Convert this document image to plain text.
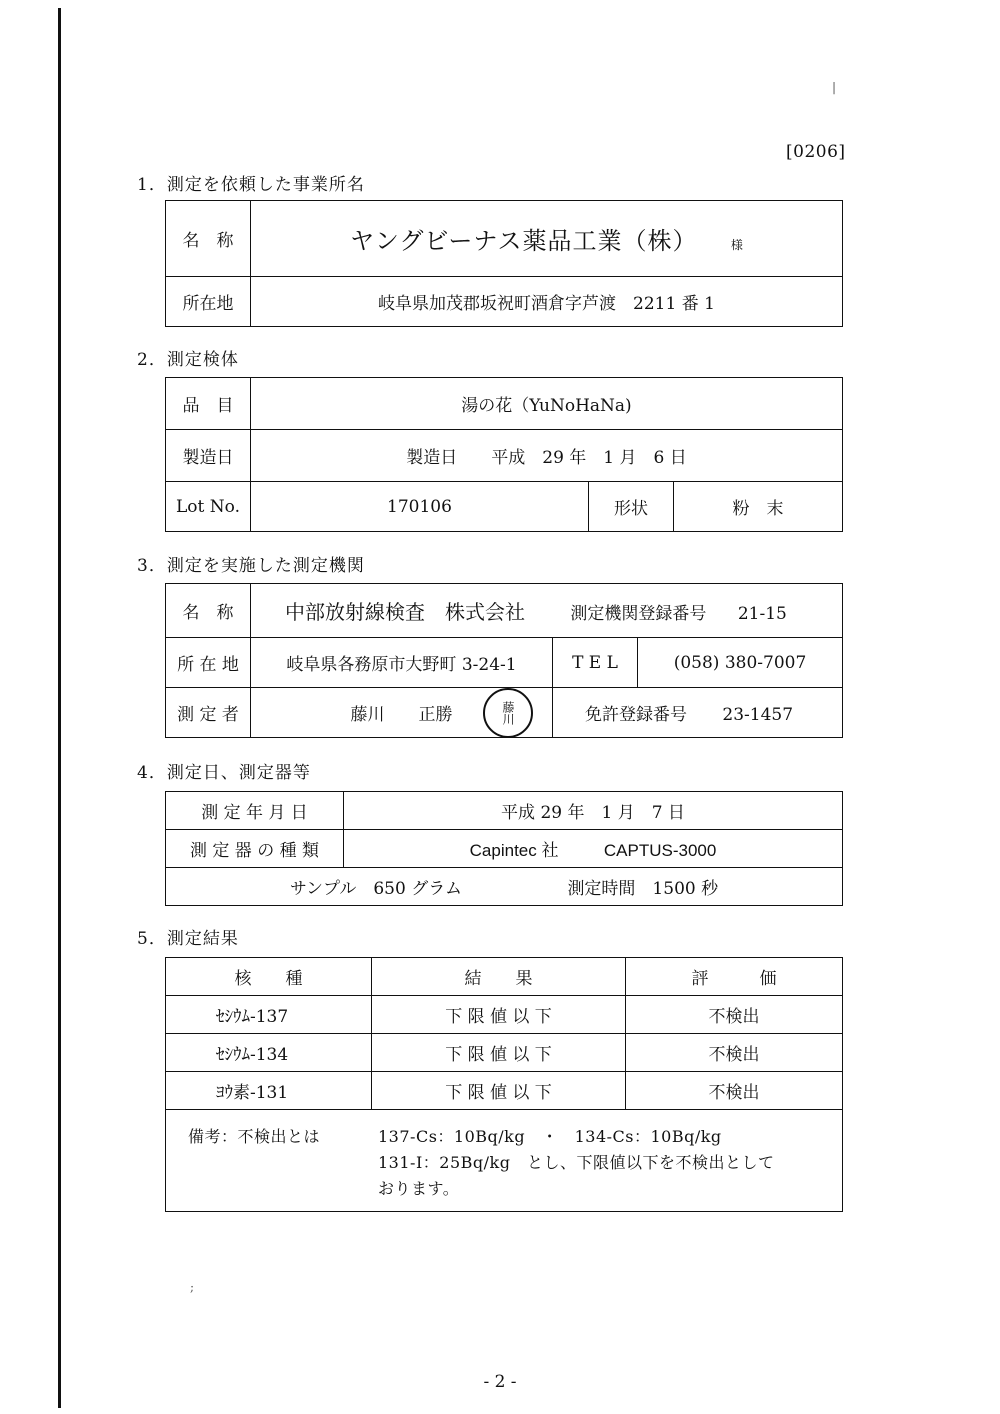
[0206]
|
1．測定を依頼した事業所名
名　称	ヤングビーナス薬品工業（株） 様
所在地	岐阜県加茂郡坂祝町酒倉字芦渡　2211 番 1
2．測定検体
品　目	湯の花（YuNoHaNa)		
製造日	製造日　　平成　29 年　1 月　6 日		
Lot No.	170106	形状	粉　末
3．測定を実施した測定機関
名　称	中部放射線検査　株式会社 測定機関登録番号 21-15		
所 在 地	岐阜県各務原市大野町 3-24-1	T E L	(058) 380-7007
測 定 者	藤川　　正勝	免許登録番号 23-1457	
藤川
4．測定日、測定器等
測 定 年 月 日	平成 29 年　1 月　7 日
測 定 器 の 種 類	Capintec 社 CAPTUS-3000
サンプル　650 グラム 測定時間　1500 秒	
5．測定結果
核　　種	結　　果	評　　　価
ｾｼｳﾑ-137	下 限 値 以 下	不検出
ｾｼｳﾑ-134	下 限 値 以 下	不検出
ﾖｳ素-131	下 限 値 以 下	不検出

備考：不検出とは 137-Cs：10Bq/kg　・　134-Cs：10Bq/kg
131-Ⅰ：25Bq/kg　とし、下限値以下を不検出として
おります。		
;
- 2 -
